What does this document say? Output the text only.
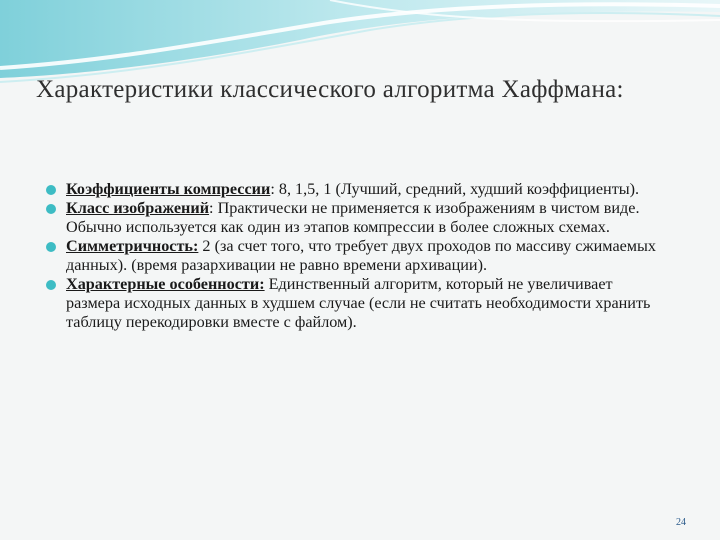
Характеристики классического алгоритма Хаффмана:
Коэффициенты компрессии: 8, 1,5, 1 (Лучший, средний, худший коэффициенты).
Класс изображений: Практически не применяется к изображениям в чистом виде. Обычно используется как один из этапов компрессии в более сложных схемах.
Симметричность: 2 (за счет того, что требует двух проходов по массиву сжимаемых данных). (время разархивации не равно времени архивации).
Характерные особенности: Единственный алгоритм, который не увеличивает размера исходных данных в худшем случае (если не считать необходимости хранить таблицу перекодировки вместе с файлом).
24
